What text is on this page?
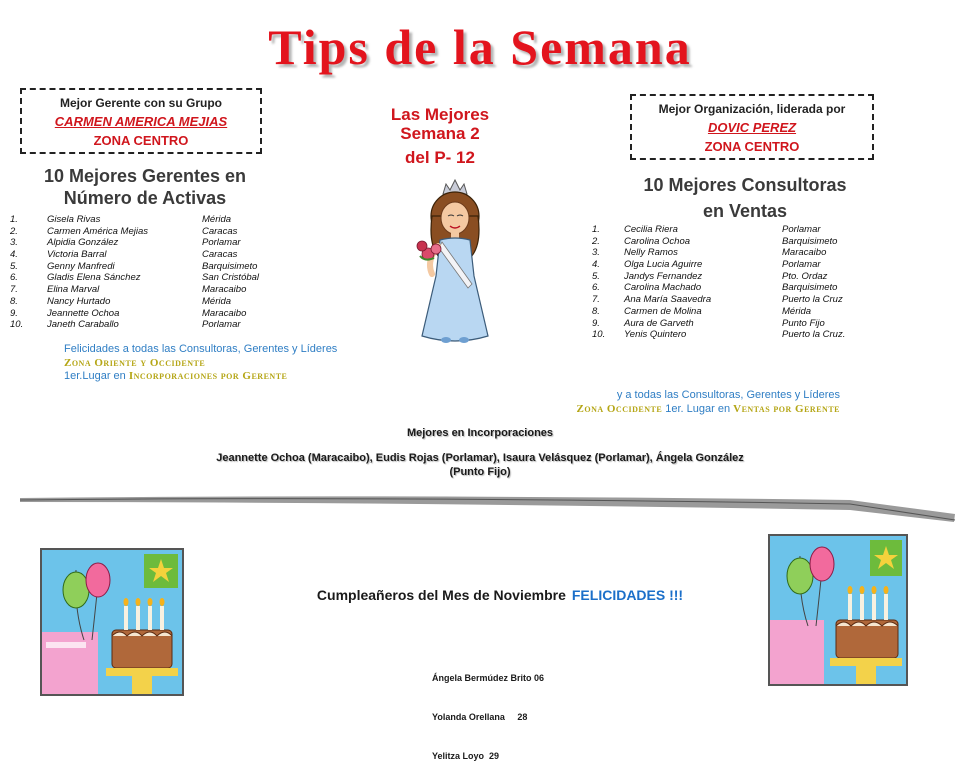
Tips de la Semana
Mejor Gerente con su Grupo
CARMEN AMERICA MEJIAS
ZONA CENTRO
Mejor Organización, liderada por
DOVIC PEREZ
ZONA CENTRO
Las Mejores
Semana 2
del P- 12
10 Mejores Gerentes en
Número de Activas
1.	Gisela Rivas	Mérida
2.	Carmen América Mejias	Caracas
3.	Alpidia González	Porlamar
4.	Victoria Barral	Caracas
5.	Genny Manfredi	Barquisimeto
6.	Gladis Elena Sánchez	San Cristóbal
7.	Elina Marval	Maracaibo
8.	Nancy Hurtado	Mérida
9.	Jeannette Ochoa	Maracaibo
10.	Janeth Caraballo	Porlamar
10 Mejores Consultoras
en Ventas
1.	Cecilia Riera	Porlamar
2.	Carolina Ochoa	Barquisimeto
3.	Nelly Ramos	Maracaibo
4.	Olga Lucia Aguirre	Porlamar
5.	Jandys Fernandez	Pto. Ordaz
6.	Carolina Machado	Barquisimeto
7.	Ana María Saavedra	Puerto la Cruz
8.	Carmen de Molina	Mérida
9.	Aura de Garveth	Punto Fijo
10. Yenis Quintero	Puerto la Cruz.
Felicidades a todas las Consultoras, Gerentes y Líderes
Zona Oriente y Occidente
1er.Lugar en Incorporaciones por Gerente
y a todas las Consultoras, Gerentes y Líderes
Zona Occidente 1er. Lugar en Ventas por Gerente
Mejores en Incorporaciones
Jeannette Ochoa (Maracaibo), Eudis Rojas (Porlamar), Isaura Velásquez (Porlamar), Ángela González
(Punto Fijo)
Cumpleañeros del Mes de Noviembre FELICIDADES !!!

Ángela Bermúdez Brito 06

Yolanda Orellana     28

Yelitza Loyo  29
